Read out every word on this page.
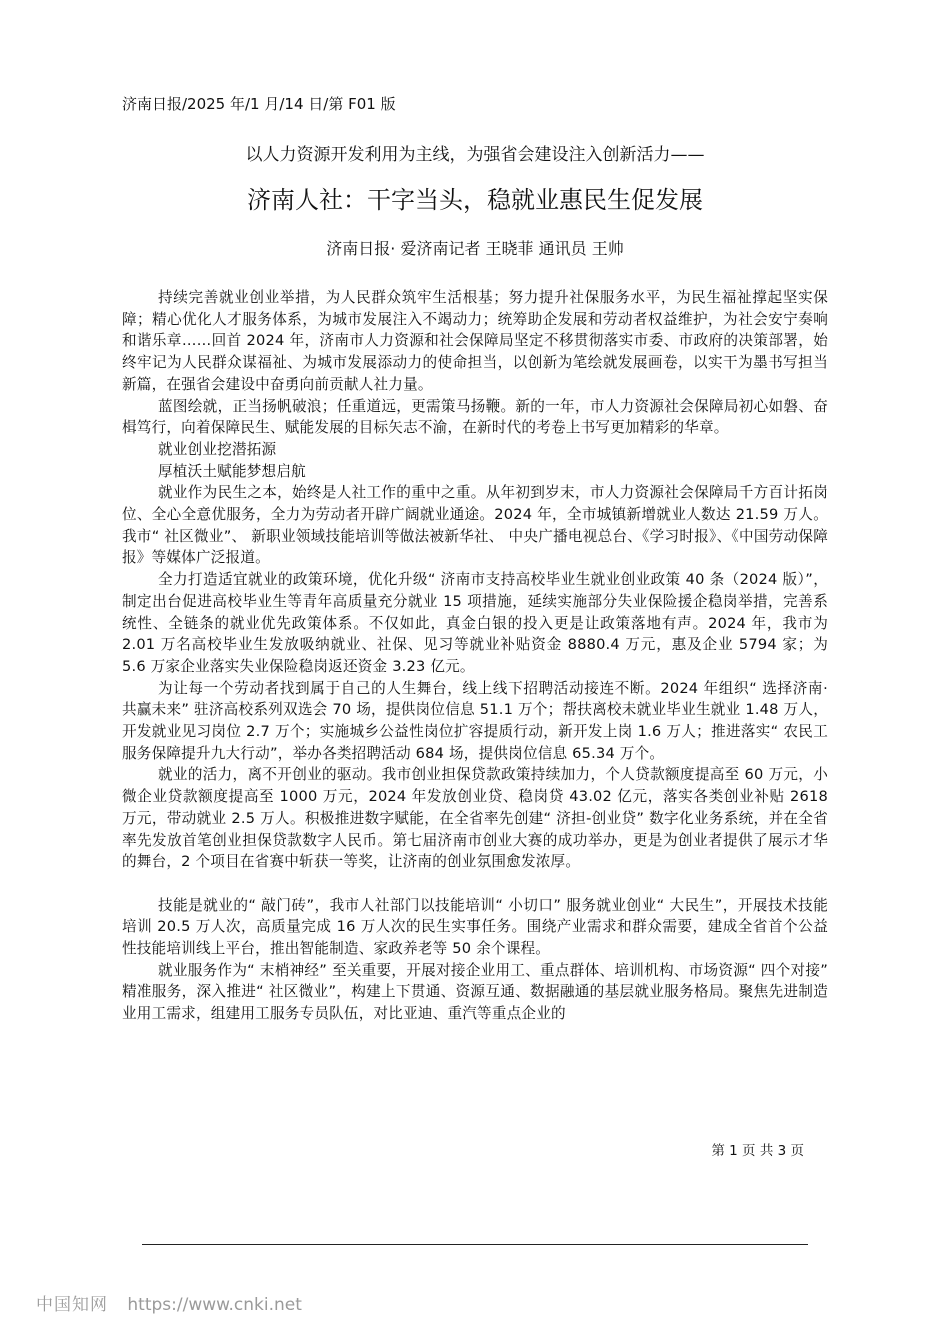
济南日报/2025 年/1 月/14 日/第 F01 版
以人力资源开发利用为主线，为强省会建设注入创新活力——
济南人社：干字当头，稳就业惠民生促发展
济南日报· 爱济南记者 王晓菲 通讯员 王帅

持续完善就业创业举措，为人民群众筑牢生活根基；努力提升社保服务水平，为民生福祉撑起坚实保障；精心优化人才服务体系，为城市发展注入不竭动力；统筹助企发展和劳动者权益维护，为社会安宁奏响和谐乐章……回首 2024 年，济南市人力资源和社会保障局坚定不移贯彻落实市委、市政府的决策部署，始终牢记为人民群众谋福祉、为城市发展添动力的使命担当，以创新为笔绘就发展画卷，以实干为墨书写担当新篇，在强省会建设中奋勇向前贡献人社力量。

蓝图绘就，正当扬帆破浪；任重道远，更需策马扬鞭。新的一年，市人力资源社会保障局初心如磐、奋楫笃行，向着保障民生、赋能发展的目标矢志不渝，在新时代的考卷上书写更加精彩的华章。

就业创业挖潜拓源

厚植沃土赋能梦想启航

就业作为民生之本，始终是人社工作的重中之重。从年初到岁末，市人力资源社会保障局千方百计拓岗位、全心全意优服务，全力为劳动者开辟广阔就业通途。2024 年，全市城镇新增就业人数达 21.59 万人。我市“ 社区微业”、 新职业领域技能培训等做法被新华社、 中央广播电视总台、《学习时报》、《中国劳动保障报》等媒体广泛报道。

全力打造适宜就业的政策环境，优化升级“ 济南市支持高校毕业生就业创业政策 40 条（2024 版）”，制定出台促进高校毕业生等青年高质量充分就业 15 项措施，延续实施部分失业保险援企稳岗举措，完善系统性、全链条的就业优先政策体系。不仅如此，真金白银的投入更是让政策落地有声。2024 年，我市为 2.01 万名高校毕业生发放吸纳就业、社保、见习等就业补贴资金 8880.4 万元，惠及企业 5794 家；为 5.6 万家企业落实失业保险稳岗返还资金 3.23 亿元。

为让每一个劳动者找到属于自己的人生舞台，线上线下招聘活动接连不断。2024 年组织“ 选择济南· 共赢未来” 驻济高校系列双选会 70 场，提供岗位信息 51.1 万个；帮扶离校未就业毕业生就业 1.48 万人，开发就业见习岗位 2.7 万个；实施城乡公益性岗位扩容提质行动，新开发上岗 1.6 万人；推进落实“ 农民工服务保障提升九大行动”，举办各类招聘活动 684 场，提供岗位信息 65.34 万个。

就业的活力，离不开创业的驱动。我市创业担保贷款政策持续加力，个人贷款额度提高至 60 万元，小微企业贷款额度提高至 1000 万元，2024 年发放创业贷、稳岗贷 43.02 亿元，落实各类创业补贴 2618 万元，带动就业 2.5 万人。积极推进数字赋能，在全省率先创建“ 济担-创业贷” 数字化业务系统，并在全省率先发放首笔创业担保贷款数字人民币。第七届济南市创业大赛的成功举办，更是为创业者提供了展示才华的舞台，2 个项目在省赛中斩获一等奖，让济南的创业氛围愈发浓厚。

技能是就业的“ 敲门砖”，我市人社部门以技能培训“ 小切口” 服务就业创业“ 大民生”，开展技术技能培训 20.5 万人次，高质量完成 16 万人次的民生实事任务。围绕产业需求和群众需要，建成全省首个公益性技能培训线上平台，推出智能制造、家政养老等 50 余个课程。

就业服务作为“ 末梢神经” 至关重要，开展对接企业用工、重点群体、培训机构、市场资源“ 四个对接” 精准服务，深入推进“ 社区微业”，构建上下贯通、资源互通、数据融通的基层就业服务格局。聚焦先进制造业用工需求，组建用工服务专员队伍，对比亚迪、重汽等重点企业的

第 1 页 共 3 页
中国知网 https://www.cnki.net
